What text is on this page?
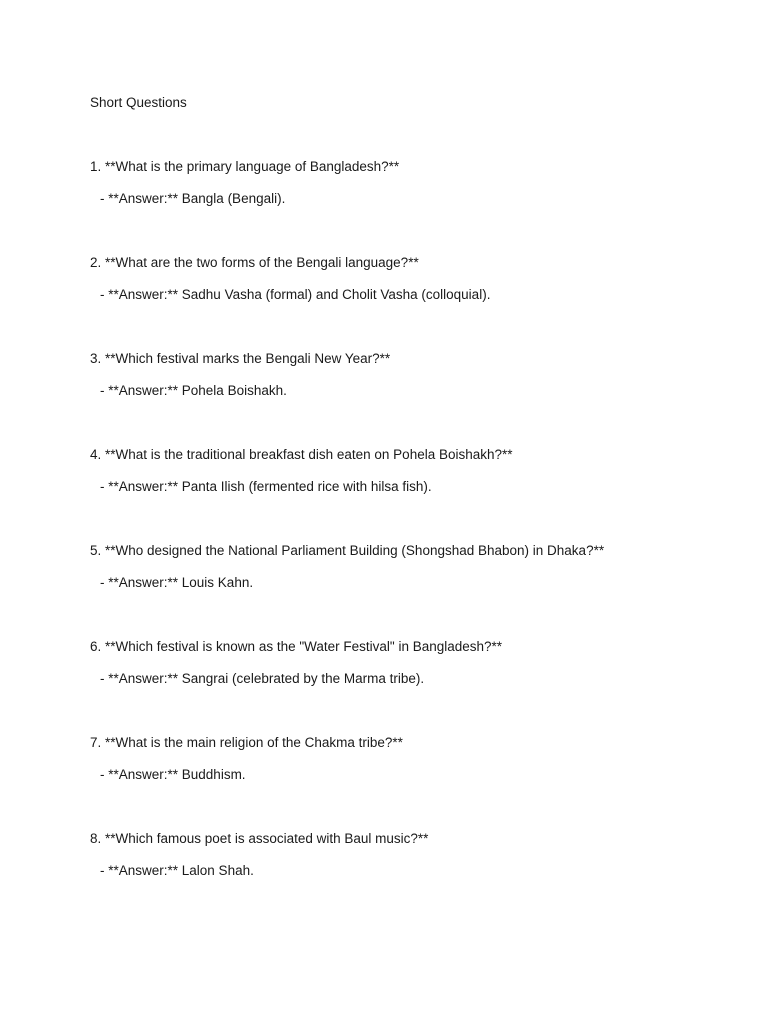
Short Questions
1. **What is the primary language of Bangladesh?**
- **Answer:** Bangla (Bengali).
2. **What are the two forms of the Bengali language?**
- **Answer:** Sadhu Vasha (formal) and Cholit Vasha (colloquial).
3. **Which festival marks the Bengali New Year?**
- **Answer:** Pohela Boishakh.
4. **What is the traditional breakfast dish eaten on Pohela Boishakh?**
- **Answer:** Panta Ilish (fermented rice with hilsa fish).
5. **Who designed the National Parliament Building (Shongshad Bhabon) in Dhaka?**
- **Answer:** Louis Kahn.
6. **Which festival is known as the "Water Festival" in Bangladesh?**
- **Answer:** Sangrai (celebrated by the Marma tribe).
7. **What is the main religion of the Chakma tribe?**
- **Answer:** Buddhism.
8. **Which famous poet is associated with Baul music?**
- **Answer:** Lalon Shah.
